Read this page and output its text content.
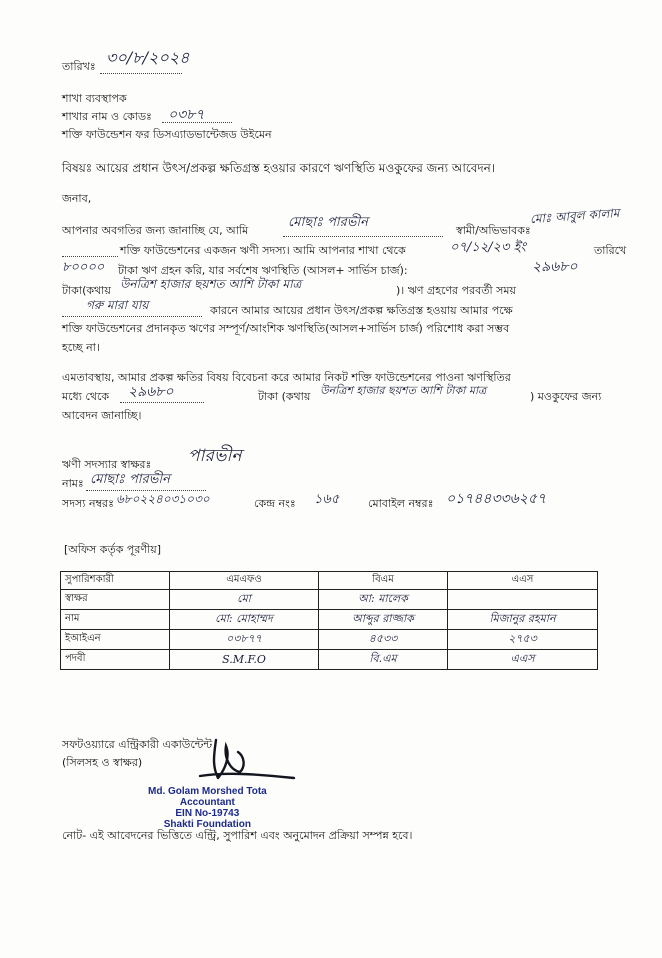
তারিখঃ ৩০/৮/২০২৪
শাখা ব্যবস্থাপক
শাখার নাম ও কোডঃ ০৩৮৭
শক্তি ফাউন্ডেশন ফর ডিসএ্যাডভান্টেজড উইমেন
বিষয়ঃ আয়ের প্রধান উৎস/প্রকল্প ক্ষতিগ্রস্ত হওয়ার কারণে ঋণস্থিতি মওকুফের জন্য আবেদন।
জনাব,
আপনার অবগতির জন্য জানাচ্ছি যে, আমি
মোছাঃ পারভীন
স্বামী/অভিভাবকঃ
মোঃ আবুল কালাম
শক্তি ফাউন্ডেশনের একজন ঋণী সদস্য। আমি আপনার শাখা থেকে	০৭/১২/২৩ ইং	তারিখে
৮০০০০ টাকা ঋণ গ্রহন করি, যার সর্বশেষ ঋণস্থিতি (আসল+ সার্ভিস চার্জ):	২৯৬৮০
টাকা(কথায় উনত্রিশ হাজার ছয়শত আশি টাকা মাত্র	)। ঋণ গ্রহণের পরবর্তী সময়
গরু মারা যায়	কারনে আমার আয়ের প্রধান উৎস/প্রকল্প ক্ষতিগ্রস্ত হওয়ায় আমার পক্ষে
শক্তি ফাউন্ডেশনের প্রদানকৃত ঋণের সম্পূর্ণ/আংশিক ঋণস্থিতি(আসল+সার্ভিস চার্জ) পরিশোধ করা সম্ভব
হচ্ছে না।
এমতাবস্থায়, আমার প্রকল্প ক্ষতির বিষয় বিবেচনা করে আমার নিকট শক্তি ফাউন্ডেশনের পাওনা ঋণস্থিতির
মধ্যে থেকে ২৯৬৮০	টাকা (কথায় উনত্রিশ হাজার ছয়শত আশি টাকা মাত্র	) মওকুফের জন্য
আবেদন জানাচ্ছি।
ঋণী সদস্যার স্বাক্ষরঃ পারভীন
নামঃ মোছাঃ পারভীন
সদস্য নম্বরঃ ৬৮০২২৪০৩১০৩০	কেন্দ্র নংঃ ১৬৫	মোবাইল নম্বরঃ ০১৭৪৪৩৩৬২৫৭
[অফিস কর্তৃক পূরণীয়]
সুপারিশকারী	এমএফও	বিএম	এএস
স্বাক্ষর	মো	আ: মালেক	
নাম	মো: মোহাম্মদ	আব্দুর রাজ্জাক	মিজানুর রহমান
ইআইএন	০৩৮৭৭	৪৫৩৩	২৭৫৩
পদবী	S.M.F.O	বি.এম	এএস
সফটওয়্যারে এন্ট্রিকারী একাউন্টেন্ট
(সিলসহ ও স্বাক্ষর)
Md. Golam Morshed Tota
Accountant
EIN No-19743
Shakti Foundation
নোট- এই আবেদনের ভিত্তিতে এন্ট্রি, সুপারিশ এবং অনুমোদন প্রক্রিয়া সম্পন্ন হবে।
